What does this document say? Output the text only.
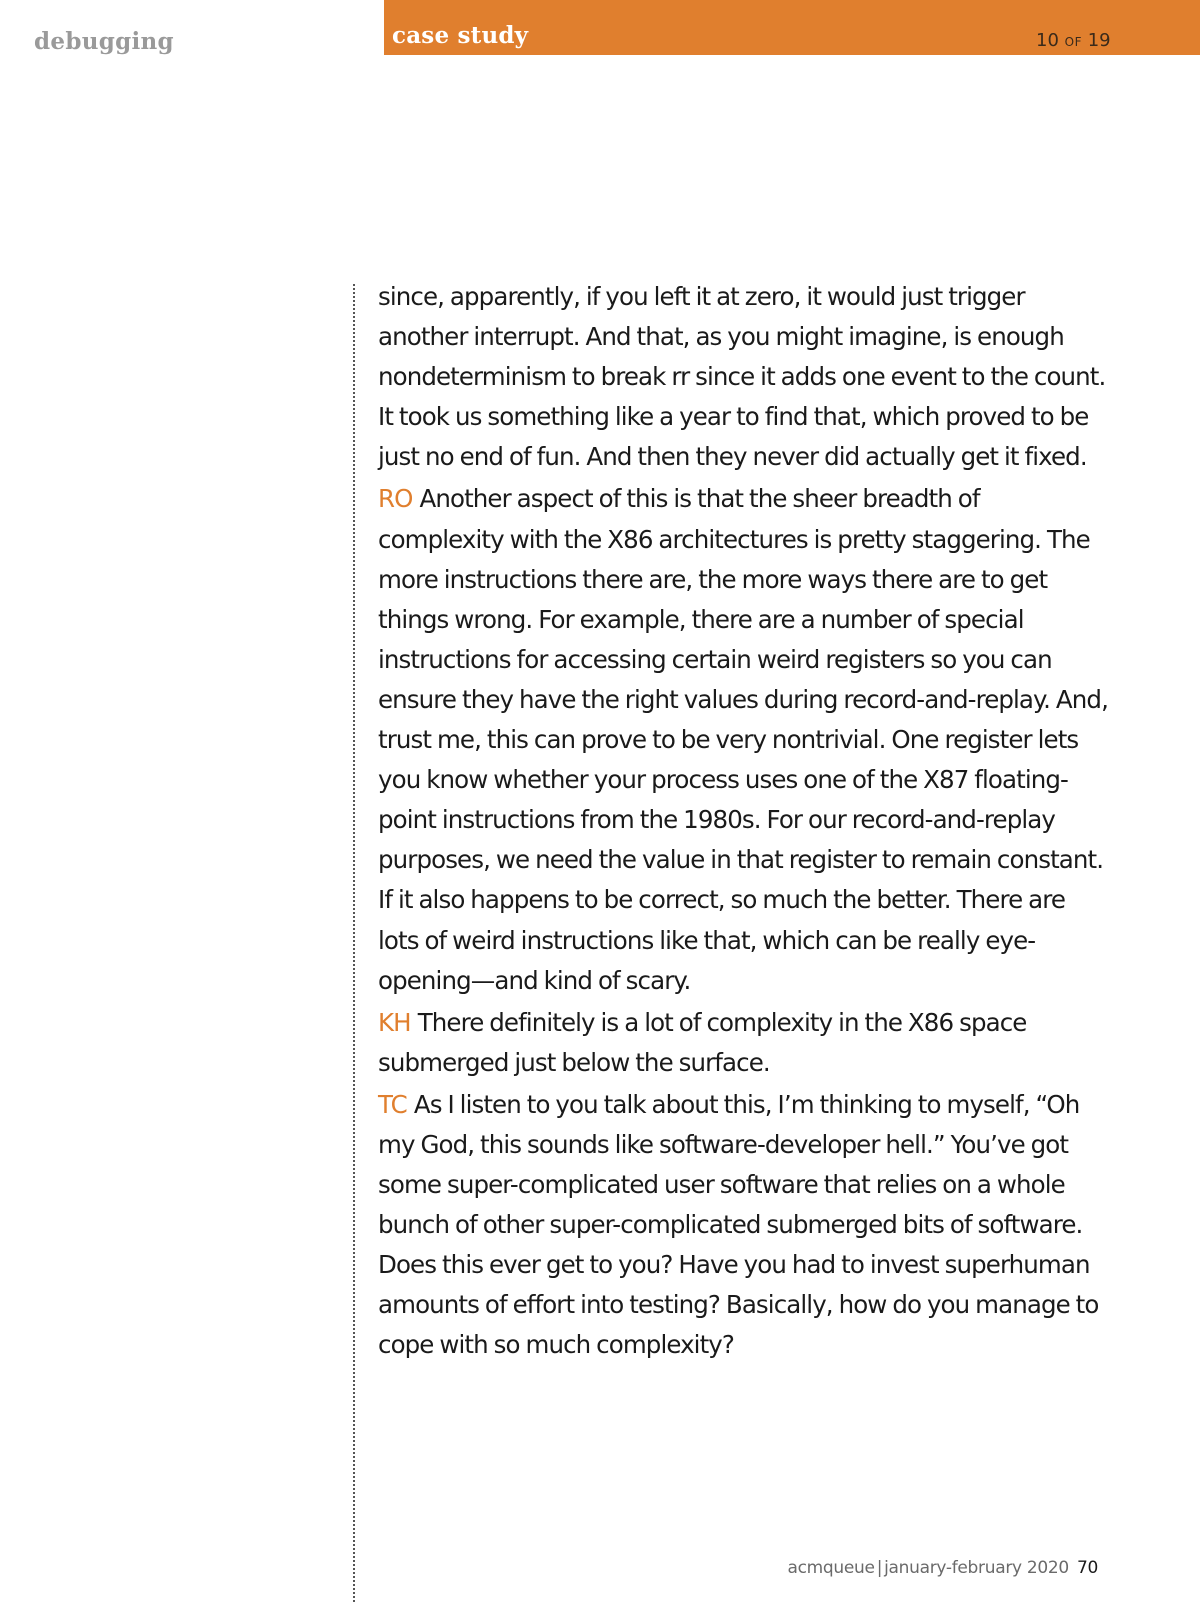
debugging	case study	10 OF 19

since, apparently, if you left it at zero, it would just trigger another interrupt. And that, as you might imagine, is enough nondeterminism to break rr since it adds one event to the count. It took us something like a year to find that, which proved to be just no end of fun. And then they never did actually get it fixed.

RO Another aspect of this is that the sheer breadth of complexity with the X86 architectures is pretty staggering. The more instructions there are, the more ways there are to get things wrong. For example, there are a number of special instructions for accessing certain weird registers so you can ensure they have the right values during record-and-replay. And, trust me, this can prove to be very nontrivial. One register lets you know whether your process uses one of the X87 floating-point instructions from the 1980s. For our record-and-replay purposes, we need the value in that register to remain constant. If it also happens to be correct, so much the better. There are lots of weird instructions like that, which can be really eye-opening—and kind of scary.

KH There definitely is a lot of complexity in the X86 space submerged just below the surface.

TC As I listen to you talk about this, I’m thinking to myself, “Oh my God, this sounds like software-developer hell.” You’ve got some super-complicated user software that relies on a whole bunch of other super-complicated submerged bits of software. Does this ever get to you? Have you had to invest superhuman amounts of effort into testing? Basically, how do you manage to cope with so much complexity?

acmqueue | january-february 2020 70
